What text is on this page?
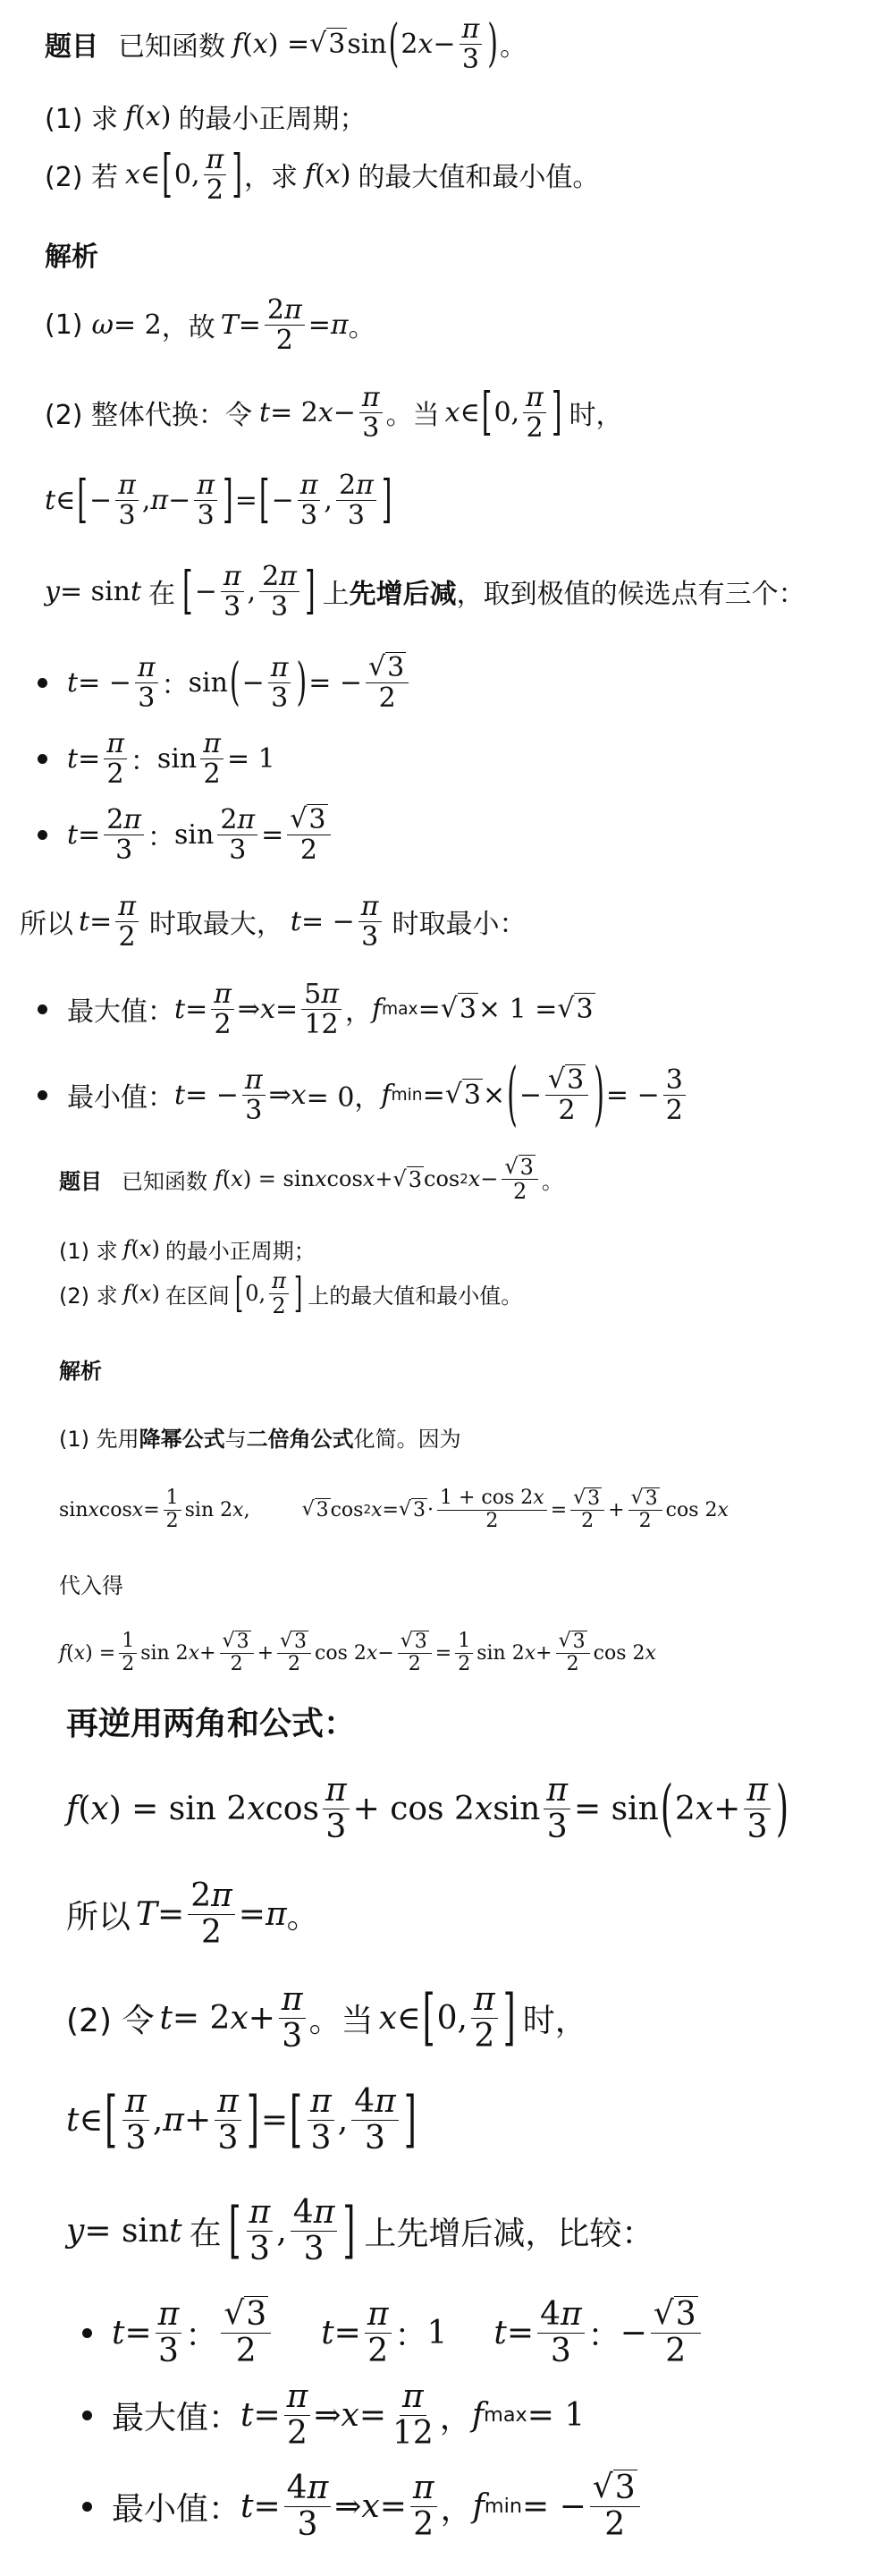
题目 已知函数 f ( x ) = √ 3 sin ( 2 $x - \frac{\pi}{3}$ ) 。
(1) 求 f ( x ) 的最小正周期；
(2) 若 x ∈ [ 0, $\frac{\pi}{2}$ ] ，求 f ( x ) 的最大值和最小值。
解析
(1) ω = 2 ，故 $T = \frac{2\pi}{2} = \pi$ 。
(2) 整体代换：令 t = 2 $x - \frac{\pi}{3}$ 。当 x ∈ [ 0, $\frac{\pi}{2}$ ] 时，
t ∈ [ − $\frac{\pi}{3}$ , $\pi - \frac{\pi}{3}$ ] = [ − $\frac{\pi}{3}$ , $\frac{2\pi}{3}$ ]
y = sin t 在 [ − $\frac{\pi}{3}$ , $\frac{2\pi}{3}$ ] 上 先增后减 ，取到极值的候选点有三个：
t = − $\frac{\pi}{3}$ ： sin ( − $\frac{\pi}{3}$ ) = − $\frac{√ 3}{2}$
$t = \frac{\pi}{2}$ ： $\sin \frac{\pi}{2} = 1$
$t = \frac{2\pi}{3}$ ： $\sin \frac{2\pi}{3} = \frac{√ 3}{2}$
所以 $t = \frac{\pi}{2}$ 时取最大， t = − $\frac{\pi}{3}$ 时取最小：
最大值： $t = \frac{\pi}{2}$ ⇒ $x = \frac{5\pi}{12}$ ， f max = √ 3 × 1 = √ 3
最小值： t = − $\frac{\pi}{3}$ ⇒ x = 0， f min = √ 3 × ( − $\frac{√ 3}{2}$ ) = − $\frac{3}{2}$
题目 已知函数 f ( x ) = sin x cos x + √ 3 cos 2 $x - \frac{√ 3}{2}$ 。
(1) 求 f ( x ) 的最小正周期；
(2) 求 f ( x ) 在区间 [ 0, $\frac{\pi}{2}$ ] 上的最大值和最小值。
解析
(1) 先用 降幂公式 与 二倍角公式 化简。因为
sin x $\cos x = \frac{1}{2}$ sin 2 x ,	√ 3 cos 2 x = √ $3 \cdot \frac{1 + \cos 2x}{2} = \frac{√ 3}{2} + \frac{√ 3}{2}$ cos 2 x
代入得
f ( x ) = $\frac{1}{2}$ sin 2 $x + \frac{√ 3}{2} + \frac{√ 3}{2}$ cos 2 $x - \frac{√ 3}{2} = \frac{1}{2}$ sin 2 $x + \frac{√ 3}{2}$ cos 2 x
再逆用两角和公式：
f ( x ) = sin 2 x $\cos \frac{\pi}{3} + \cos 2$ x $\sin \frac{\pi}{3} = \sin$ ( 2 $x + \frac{\pi}{3}$ )
所以 $T = \frac{2\pi}{2} = \pi$ 。
(2) 令 t = 2 $x + \frac{\pi}{3}$ 。当 x ∈ [ 0, $\frac{\pi}{2}$ ] 时，
t ∈ [ $\frac{\pi}{3}$ , $\pi + \frac{\pi}{3}$ ] = [ $\frac{\pi}{3}$ , $\frac{4\pi}{3}$ ]
y = sin t 在 [ $\frac{\pi}{3}$ , $\frac{4\pi}{3}$ ] 上先增后减，比较：
$t = \frac{\pi}{3}$ ： $\frac{√ 3}{2}$ $t = \frac{\pi}{2}$ ： 1 $t = \frac{4\pi}{3}$ ： − $\frac{√ 3}{2}$
最大值： $t = \frac{\pi}{2}$ ⇒ $x = \frac{\pi}{12}$ ， f max = 1
最小值： $t = \frac{4\pi}{3}$ ⇒ $x = \frac{\pi}{2}$ ， f min = − $\frac{√ 3}{2}$
